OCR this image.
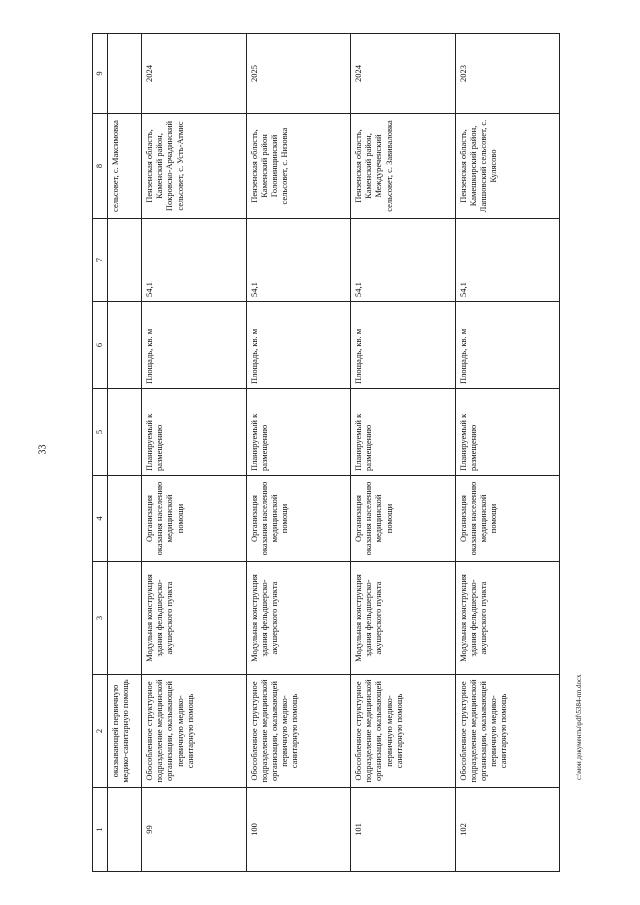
33
1	2	3	4	5	6	7	8	9
	оказывающей первичную медико-санитарную помощь						сельсовет, с. Максимовка	
99	Обособленное структурное подразделение медицинской организации, оказывающей первичную медико-санитарную помощь	Модульная конструкция здания фельдшерско-акушерского пункта	Организация оказания населению медицинской помощи	Планируемый к размещению	Площадь, кв. м	54,1	Пензенская область, Каменский район, Покровско-Арчадинский сельсовет, с. Усть-Атмис	2024
100	Обособленное структурное подразделение медицинской организации, оказывающей первичную медико-санитарную помощь	Модульная конструкция здания фельдшерско-акушерского пункта	Организация оказания населению медицинской помощи	Планируемый к размещению	Площадь, кв. м	54,1	Пензенская область, Каменский район Головинщинский сельсовет, с. Низовка	2025
101	Обособленное структурное подразделение медицинской организации, оказывающей первичную медико-санитарную помощь	Модульная конструкция здания фельдшерско-акушерского пункта	Организация оказания населению медицинской помощи	Планируемый к размещению	Площадь, кв. м	54,1	Пензенская область, Каменский район, Междуреченский сельсовет, с. Завиваловка	2024
102	Обособленное структурное подразделение медицинской организации, оказывающей первичную медико-санитарную помощь	Модульная конструкция здания фельдшерско-акушерского пункта	Организация оказания населению медицинской помощи	Планируемый к размещению	Площадь, кв. м	54,1	Пензенская область, Камешкирский район, Лапшовский сельсовет, с. Кулясово	2023
c:\мои документы\pdf\5384-пп.docx
